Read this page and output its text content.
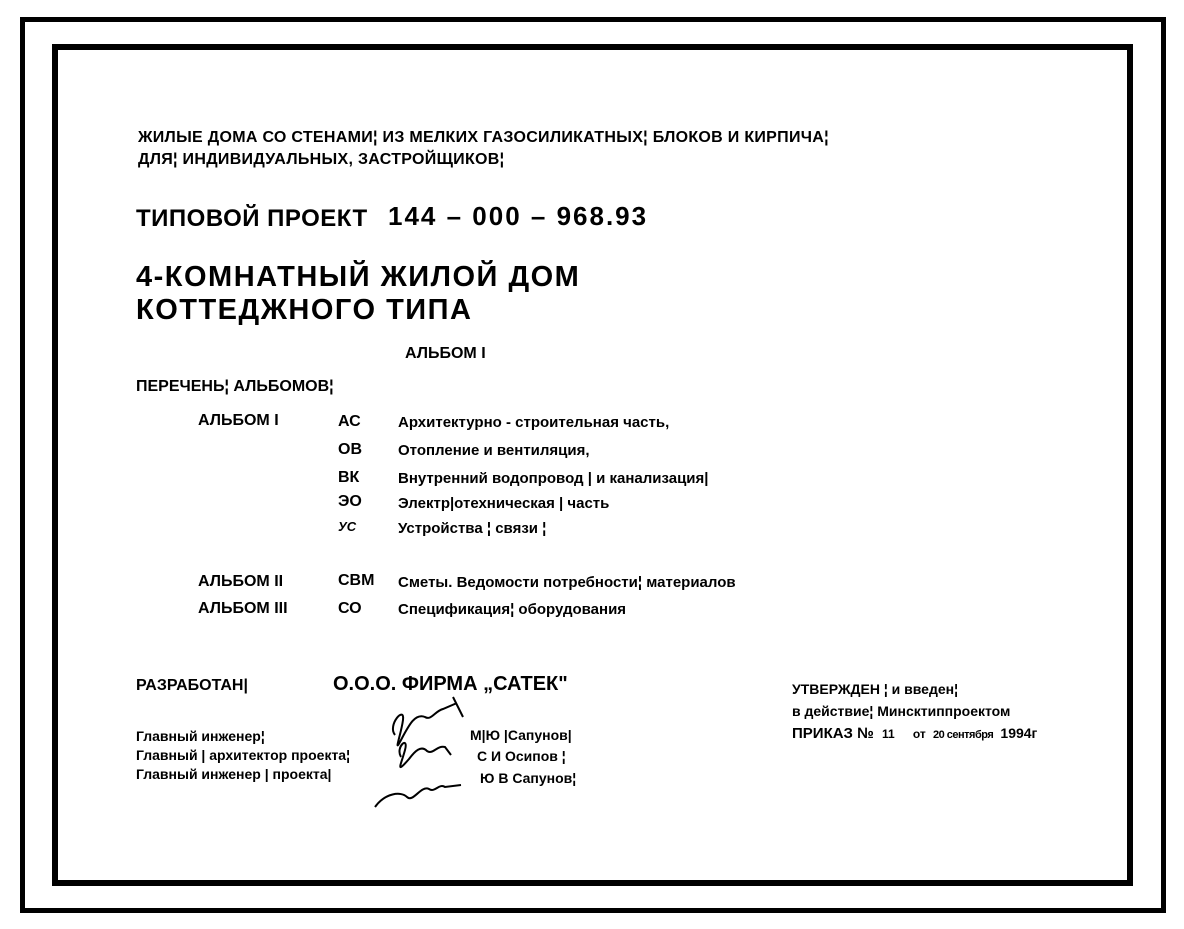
ЖИЛЫЕ ДОМА СО СТЕНАМИ¦ ИЗ МЕЛКИХ ГАЗОСИЛИКАТНЫХ¦ БЛОКОВ И КИРПИЧА¦
ДЛЯ¦ ИНДИВИДУАЛЬНЫХ, ЗАСТРОЙЩИКОВ¦
ТИПОВОЙ ПРОЕКТ 144 – 000 – 968.93
4-КОМНАТНЫЙ ЖИЛОЙ ДОМ
КОТТЕДЖНОГО ТИПА
АЛЬБОМ I
ПЕРЕЧЕНЬ¦ АЛЬБОМОВ¦
АЛЬБОМ I	АС Архитектурно - строительная часть,
ОВ Отопление и вентиляция,
ВК	Внутренний водопровод | и канализация|
ЭО Электр|отехническая | часть
УС	Устройства ¦ связи ¦
АЛЬБОМ II	СВМ Сметы. Ведомости потребности¦ материалов
АЛЬБОМ III	СО Спецификация¦ оборудования
РАЗРАБОТАН|	О.О.О. ФИРМА „САТЕК"
Главный инженер¦
Главный | архитектор проекта¦
Главный инженер | проекта|
М|Ю |Сапунов|
С И Осипов ¦
Ю В Сапунов¦
УТВЕРЖДЕН ¦ и введен¦
в действие¦ Минсктиппроектом
ПРИКАЗ № 11 от 20 сентября 1994г
